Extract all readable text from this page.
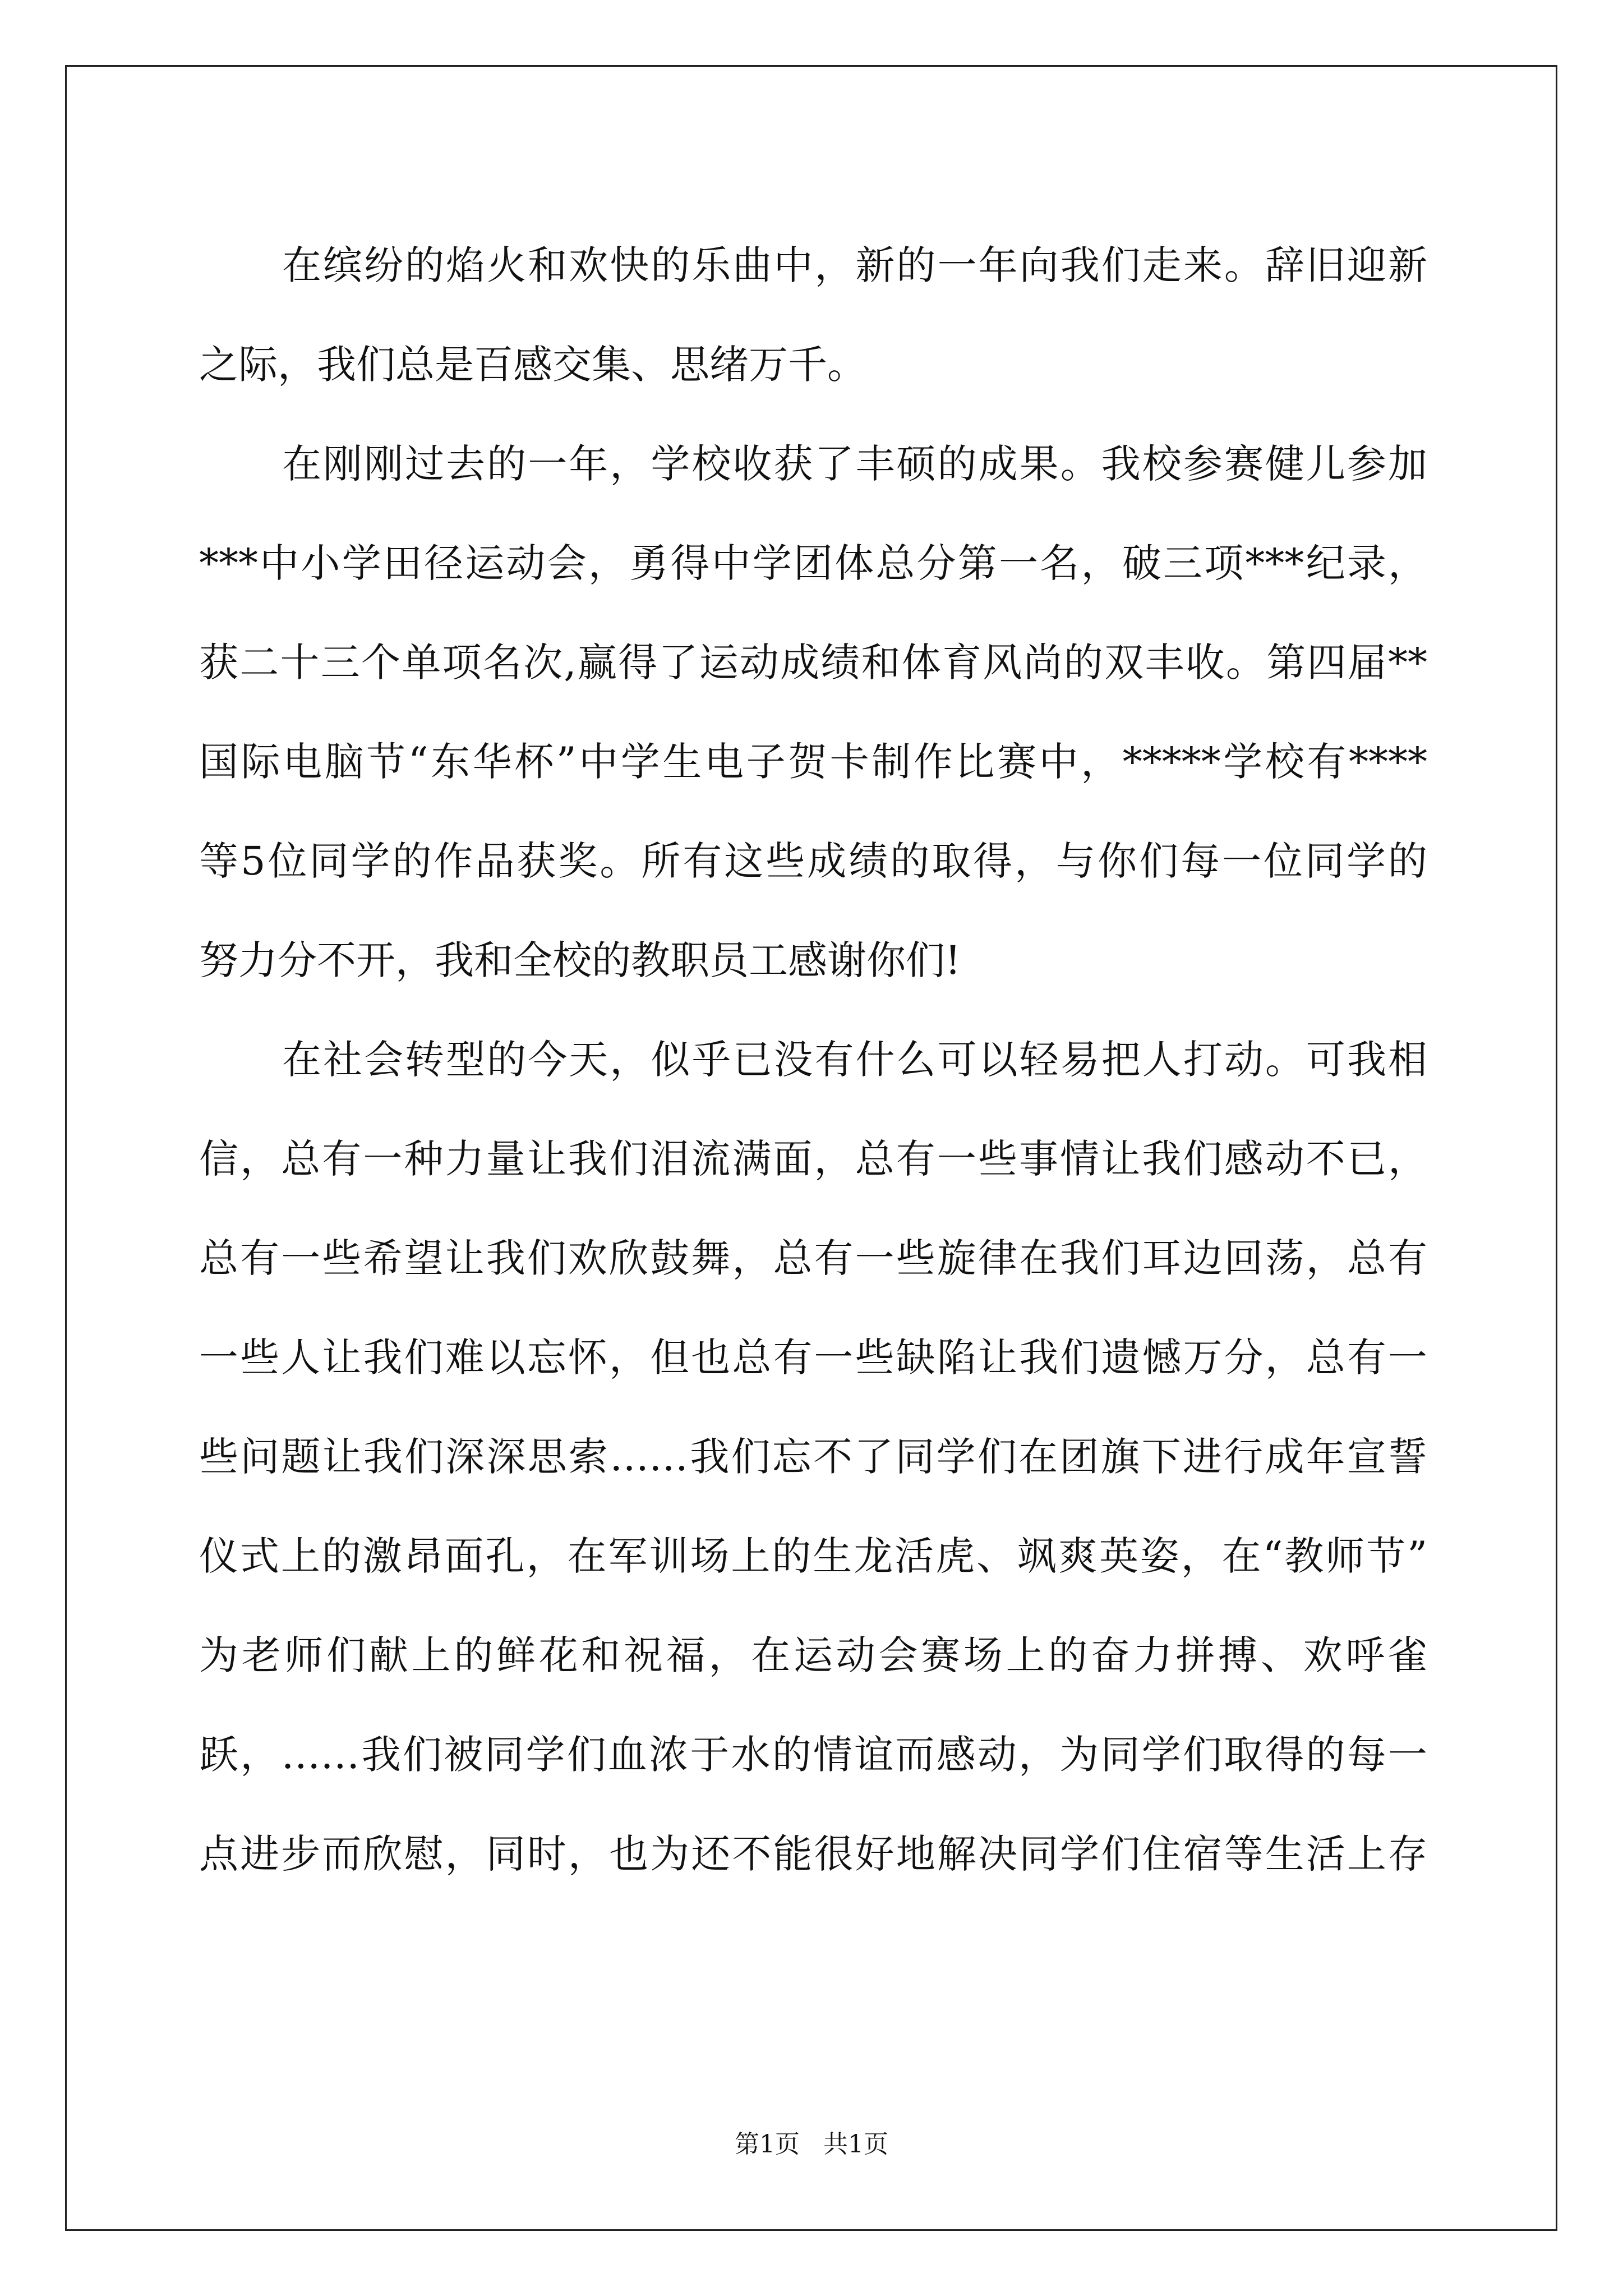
在缤纷的焰火和欢快的乐曲中，新的一年向我们走来。辞旧迎新
之际，我们总是百感交集、思绪万千。
在刚刚过去的一年，学校收获了丰硕的成果。我校参赛健儿参加
***中小学田径运动会，勇得中学团体总分第一名，破三项***纪录，
获二十三个单项名次,赢得了运动成绩和体育风尚的双丰收。第四届**
国际电脑节“东华杯”中学生电子贺卡制作比赛中，*****学校有****
等5位同学的作品获奖。所有这些成绩的取得，与你们每一位同学的
努力分不开，我和全校的教职员工感谢你们!
在社会转型的今天，似乎已没有什么可以轻易把人打动。可我相
信，总有一种力量让我们泪流满面，总有一些事情让我们感动不已，
总有一些希望让我们欢欣鼓舞，总有一些旋律在我们耳边回荡，总有
一些人让我们难以忘怀，但也总有一些缺陷让我们遗憾万分，总有一
些问题让我们深深思索……我们忘不了同学们在团旗下进行成年宣誓
仪式上的激昂面孔，在军训场上的生龙活虎、飒爽英姿，在“教师节”
为老师们献上的鲜花和祝福，在运动会赛场上的奋力拼搏、欢呼雀
跃，……我们被同学们血浓于水的情谊而感动，为同学们取得的每一
点进步而欣慰，同时，也为还不能很好地解决同学们住宿等生活上存
第1页   共1页
